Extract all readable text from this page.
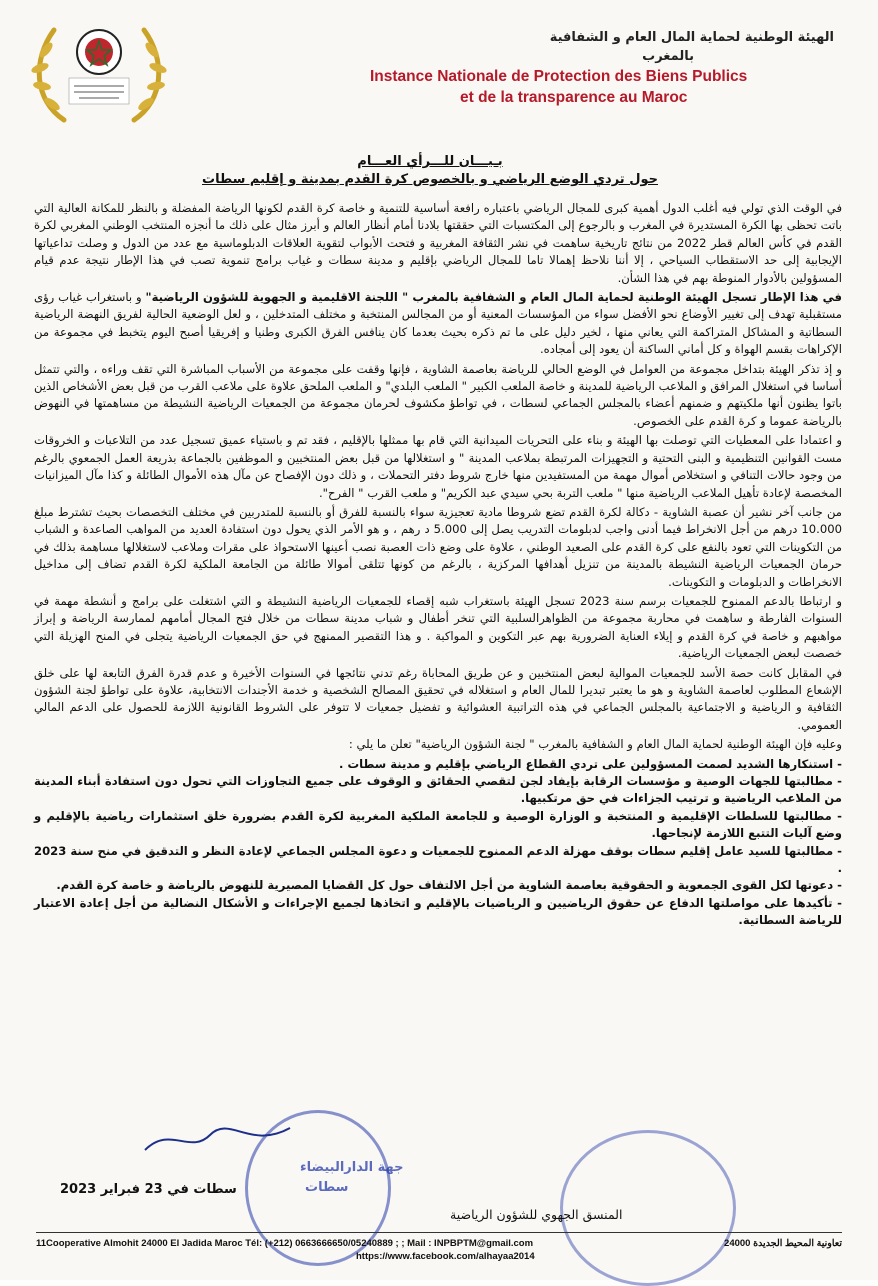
الهيئة الوطنية لحماية المال العام و الشفافية
بالمغرب
Instance Nationale de Protection des Biens Publics
et de la transparence au Maroc
بـيـــان للـــرأي العـــام
حول تردي الوضع الرياضي و بالخصوص كرة القدم بمدينة و إقليم سطات

في الوقت الذي تولي فيه أغلب الدول أهمية كبرى للمجال الرياضي باعتباره رافعة أساسية للتنمية و خاصة كرة القدم لكونها الرياضة المفضلة و بالنظر للمكانة العالية التي باتت تحظى بها الكرة المستديرة في المغرب و بالرجوع إلى المكتسبات التي حققتها بلادنا أمام أنظار العالم و أبرز مثال على ذلك ما أنجزه المنتخب الوطني المغربي لكرة القدم في كأس العالم قطر 2022 من نتائج تاريخية ساهمت في نشر الثقافة المغربية و فتحت الأبواب لتقوية العلاقات الدبلوماسية مع عدد من الدول و وصلت تداعياتها الإيجابية إلى حد الاستقطاب السياحي ، إلا أننا نلاحظ إهمالا تاما للمجال الرياضي بإقليم و مدينة سطات و غياب برامج تنموية تصب في هذا الإطار نتيجة عدم قيام المسؤولين بالأدوار المنوطة بهم في هذا الشأن.

في هذا الإطار تسجل الهيئة الوطنية لحماية المال العام و الشفافية بالمغرب " اللجنة الاقليمية و الجهوية للشؤون الرياضية" و باستغراب غياب رؤى مستقبلية تهدف إلى تغيير الأوضاع نحو الأفضل سواء من المؤسسات المعنية أو من المجالس المنتخبة و مختلف المتدخلين ، و لعل الوضعية الحالية لفريق النهضة الرياضية السطاتية و المشاكل المتراكمة التي يعاني منها ، لخير دليل على ما تم ذكره بحيث بعدما كان ينافس الفرق الكبرى وطنيا و إفريقيا أصبح اليوم يتخبط في مجموعة من الإكراهات بقسم الهواة و كل أماني الساكنة أن يعود إلى أمجاده.

و إذ تذكر الهيئة بتداخل مجموعة من العوامل في الوضع الحالي للرياضة بعاصمة الشاوية ، فإنها وقفت على مجموعة من الأسباب المباشرة التي تقف وراءه ، والتي تتمثل أساسا في استغلال المرافق و الملاعب الرياضية للمدينة و خاصة الملعب الكبير " الملعب البلدي" و الملعب الملحق علاوة على ملاعب القرب من قبل بعض الأشخاص الذين باتوا يظنون أنها ملكيتهم و ضمنهم أعضاء بالمجلس الجماعي لسطات ، في تواطؤ مكشوف لحرمان مجموعة من الجمعيات الرياضية النشيطة من مساهمتها في النهوض بالرياضة عموما و كرة القدم على الخصوص.

و اعتمادا على المعطيات التي توصلت بها الهيئة و بناء على التحريات الميدانية التي قام بها ممثلها بالإقليم ، فقد تم و باستياء عميق تسجيل عدد من التلاعبات و الخروقات مست القوانين التنظيمية و البنى التحتية و التجهيزات المرتبطة بملاعب المدينة " و استغلالها من قبل بعض المنتخبين و الموظفين بالجماعة بذريعة العمل الجمعوي بالرغم من وجود حالات التنافي و استخلاص أموال مهمة من المستفيدين منها خارج شروط دفتر التحملات ، و ذلك دون الإفصاح عن مآل هذه الأموال الطائلة و كذا مآل الميزانيات المخصصة لإعادة تأهيل الملاعب الرياضية منها " ملعب التربة بحي سيدي عبد الكريم" و ملعب القرب " الفرح".

من جانب آخر نشير أن عصبة الشاوية - دكالة لكرة القدم تضع شروطا مادية تعجيزية سواء بالنسبة للفرق أو بالنسبة للمتدربين في مختلف التخصصات بحيث تشترط مبلغ 10.000 درهم من أجل الانخراط فيما أدنى واجب لدبلومات التدريب يصل إلى 5.000 د رهم ، و هو الأمر الذي يحول دون استفادة العديد من المواهب الصاعدة و الشباب من التكوينات التي تعود بالنفع على كرة القدم على الصعيد الوطني ، علاوة على وضع ذات العصبة نصب أعينها الاستحواذ على مقرات وملاعب لاستغلالها مساهمة بذلك في حرمان الجمعيات الرياضية النشيطة بالمدينة من تنزيل أهدافها المركزية ، بالرغم من كونها تتلقى أموالا طائلة من الجامعة الملكية لكرة القدم تضاف إلى مداخيل الانخراطات و الدبلومات و التكوينات.

و ارتباطا بالدعم الممنوح للجمعيات برسم سنة 2023 تسجل الهيئة باستغراب شبه إقصاء للجمعيات الرياضية النشيطة و التي اشتغلت على برامج و أنشطة مهمة في السنوات الفارطة و ساهمت في محاربة مجموعة من الظواهرالسلبية التي تنخر أطفال و شباب مدينة سطات من خلال فتح المجال أمامهم لممارسة الرياضة و إبراز مواهبهم و خاصة في كرة القدم و إيلاء العناية الضرورية بهم عبر التكوين و المواكبة . و هذا التقصير الممنهج في حق الجمعيات الرياضية يتجلى في المنح الهزيلة التي خصصت لبعض الجمعيات الرياضية.

في المقابل كانت حصة الأسد للجمعيات الموالية لبعض المنتخبين و عن طريق المحاباة رغم تدني نتائجها في السنوات الأخيرة و عدم قدرة الفرق التابعة لها على خلق الإشعاع المطلوب لعاصمة الشاوية و هو ما يعتبر تبديرا للمال العام و استغلاله في تحقيق المصالح الشخصية و خدمة الأجندات الانتخابية، علاوة على تواطؤ لجنة الشؤون الثقافية و الرياضية و الاجتماعية بالمجلس الجماعي في هذه التراتبية العشوائية و تفضيل جمعيات لا تتوفر على الشروط القانونية اللازمة للحصول على الدعم المالي العمومي.

وعليه فإن الهيئة الوطنية لحماية المال العام و الشفافية بالمغرب " لجنة الشؤون الرياضية" تعلن ما يلي :

- استنكارها الشديد لصمت المسؤولين على تردي القطاع الرياضي بإقليم و مدينة سطات .
- مطالبتها للجهات الوصية و مؤسسات الرقابة بإيفاد لجن لتقصي الحقائق و الوقوف على جميع التجاوزات التي تحول دون استفادة أبناء المدينة من الملاعب الرياضية و ترتيب الجزاءات في حق مرتكبيها.
- مطالبتها للسلطات الإقليمية و المنتخبة و الوزارة الوصية و للجامعة الملكية المغربية لكرة القدم بضرورة خلق استثمارات رياضية بالإقليم و وضع آليات التتبع اللازمة لإنجاحها.
- مطالبتها للسيد عامل إقليم سطات بوقف مهزلة الدعم الممنوح للجمعيات و دعوة المجلس الجماعي لإعادة النظر و التدقيق في منح سنة 2023 .
- دعوتها لكل القوى الجمعوية و الحقوقية بعاصمة الشاوية من أجل الالتفاف حول كل القضايا المصيرية للنهوض بالرياضة و خاصة كرة القدم.
- تأكيدها على مواصلتها الدفاع عن حقوق الرياضيين و الرياضيات بالإقليم و اتخاذها لجميع الإجراءات و الأشكال النضالية من أجل إعادة الاعتبار للرياضة السطاتية.
جهة الدارالبيضاء
سطات
سطات في 23 فبراير 2023
المنسق الجهوي للشؤون الرياضية
11Cooperative Almohit 24000 El Jadida Maroc Tél: (+212) 0663666650/05240889 ; ; Mail : INPBPTM@gmail.com
https://www.facebook.com/alhayaa2014
تعاونية المحيط الجديدة 24000
